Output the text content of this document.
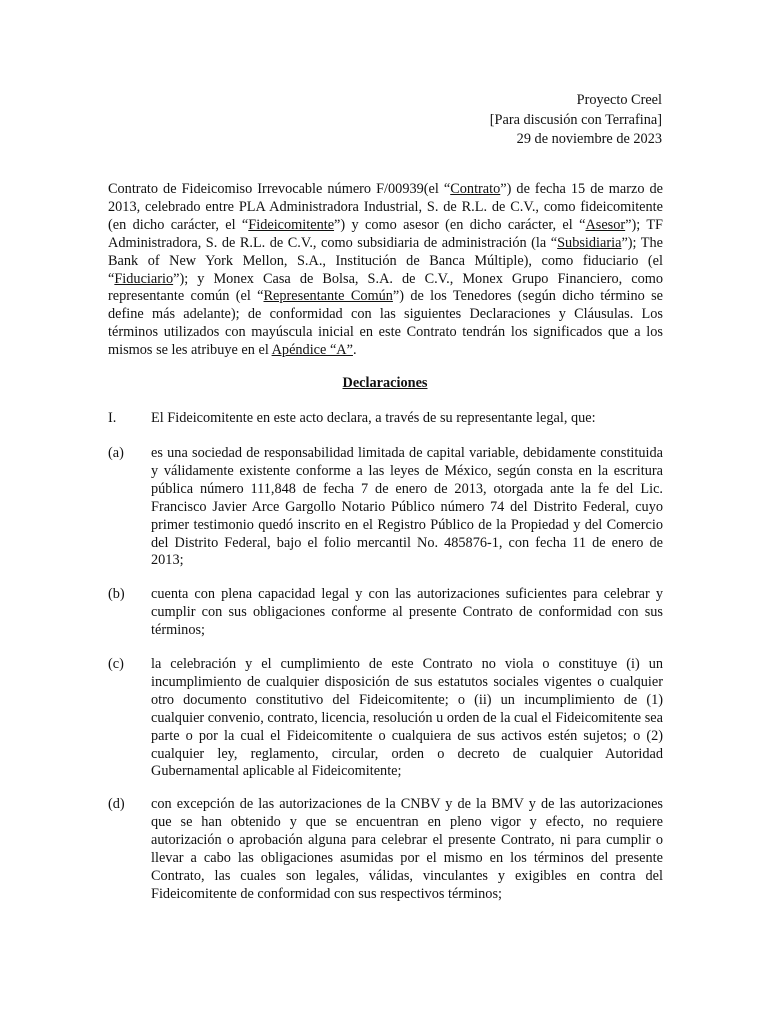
Proyecto Creel
[Para discusión con Terrafina]
29 de noviembre de 2023

Contrato de Fideicomiso Irrevocable número F/00939(el “Contrato”) de fecha 15 de marzo de 2013, celebrado entre PLA Administradora Industrial, S. de R.L. de C.V., como fideicomitente (en dicho carácter, el “Fideicomitente”) y como asesor (en dicho carácter, el “Asesor”); TF Administradora, S. de R.L. de C.V., como subsidiaria de administración (la “Subsidiaria”); The Bank of New York Mellon, S.A., Institución de Banca Múltiple), como fiduciario (el “Fiduciario”); y Monex Casa de Bolsa, S.A. de C.V., Monex Grupo Financiero, como representante común (el “Representante Común”) de los Tenedores (según dicho término se define más adelante); de conformidad con las siguientes Declaraciones y Cláusulas. Los términos utilizados con mayúscula inicial en este Contrato tendrán los significados que a los mismos se les atribuye en el Apéndice “A”.

Declaraciones
I.	El Fideicomitente en este acto declara, a través de su representante legal, que:
(a)	es una sociedad de responsabilidad limitada de capital variable, debidamente constituida y válidamente existente conforme a las leyes de México, según consta en la escritura pública número 111,848 de fecha 7 de enero de 2013, otorgada ante la fe del Lic. Francisco Javier Arce Gargollo Notario Público número 74 del Distrito Federal, cuyo primer testimonio quedó inscrito en el Registro Público de la Propiedad y del Comercio del Distrito Federal, bajo el folio mercantil No. 485876-1, con fecha 11 de enero de 2013;
(b)	cuenta con plena capacidad legal y con las autorizaciones suficientes para celebrar y cumplir con sus obligaciones conforme al presente Contrato de conformidad con sus términos;
(c)	la celebración y el cumplimiento de este Contrato no viola o constituye (i) un incumplimiento de cualquier disposición de sus estatutos sociales vigentes o cualquier otro documento constitutivo del Fideicomitente; o (ii) un incumplimiento de (1) cualquier convenio, contrato, licencia, resolución u orden de la cual el Fideicomitente sea parte o por la cual el Fideicomitente o cualquiera de sus activos estén sujetos; o (2) cualquier ley, reglamento, circular, orden o decreto de cualquier Autoridad Gubernamental aplicable al Fideicomitente;
(d)	con excepción de las autorizaciones de la CNBV y de la BMV y de las autorizaciones que se han obtenido y que se encuentran en pleno vigor y efecto, no requiere autorización o aprobación alguna para celebrar el presente Contrato, ni para cumplir o llevar a cabo las obligaciones asumidas por el mismo en los términos del presente Contrato, las cuales son legales, válidas, vinculantes y exigibles en contra del Fideicomitente de conformidad con sus respectivos términos;
